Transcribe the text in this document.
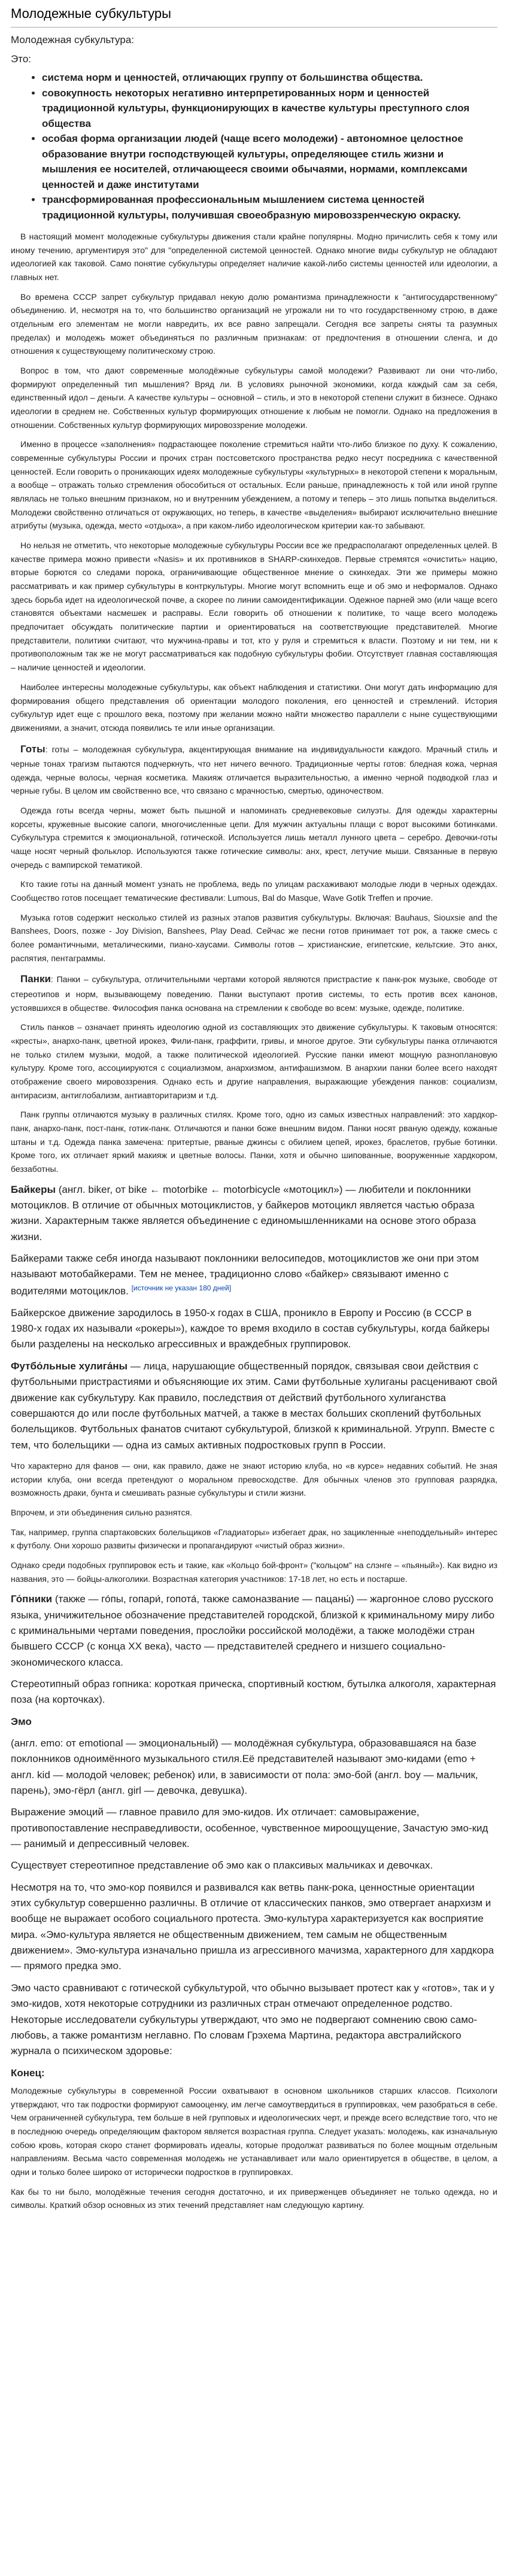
Молодежные субкультуры

Молодежная субкультура:

Это:

• система норм и ценностей, отличающих группу от большинства общества.
• совокупность некоторых негативно интерпретированных норм и ценностей традиционной культуры, функционирующих в качестве культуры преступного слоя общества
• особая форма организации людей (чаще всего молодежи) - автономное целостное образование внутри господствующей культуры, определяющее стиль жизни и мышления ее носителей, отличающееся своими обычаями, нормами, комплексами ценностей и даже институтами
• трансформированная профессиональным мышлением система ценностей традиционной культуры, получившая своеобразную мировоззренческую окраску.

В настоящий момент молодежные субкультуры движения стали крайне популярны. Модно причислить себя к тому или иному течению, аргументируя это" для "определенной системой ценностей. Однако многие виды субкультур не обладают идеологией как таковой. Само понятие субкультуры определяет наличие какой-либо системы ценностей или идеологии, а главных нет.

Во времена СССР запрет субкультур придавал некую долю романтизма принадлежности к "антигосударственному" объединению. И, несмотря на то, что большинство организаций не угрожали ни то что государственному строю, в даже отдельным его элементам не могли навредить, их все равно запрещали. Сегодня все запреты сняты та разумных пределах) и молодежь может объединяться по различным признакам: от предпочтения в отношении сленга, и до отношения к существующему политическому строю.

Вопрос в том, что дают современные молодёжные субкультуры самой молодежи? Развивают ли они что-либо, формируют определенный тип мышления? Вряд ли. В условиях рыночной экономики, когда каждый сам за себя, единственный идол – деньги. А качестве культуры – основной – стиль, и это в некоторой степени служит в бизнесе. Однако идеологии в среднем не. Собственных культур формирующих отношение к любым не помогли. Однако на предложения в отношении. Собственных культур формирующих мировоззрение молодежи.

Именно в процессе «заполнения» подрастающее поколение стремиться найти что-либо близкое по духу. К сожалению, современные субкультуры России и прочих стран постсоветского пространства редко несут посредника с качественной ценностей. Если говорить о проникающих идеях молодежные субкультуры «культурных» в некоторой степени к моральным, а вообще – отражать только стремления обособиться от остальных. Если раньше, принадлежность к той или иной группе являлась не только внешним признаком, но и внутренним убеждением, а потому и теперь – это лишь попытка выделиться. Молодежи свойственно отличаться от окружающих, но теперь, в качестве «выделения» выбирают исключительно внешние атрибуты (музыка, одежда, место «отдыха», а при каком-либо идеологическом критерии как-то забывают.

Но нельзя не отметить, что некоторые молодежные субкультуры России все же предрасполагают определенных целей. В качестве примера можно привести «Nasis» и их противников в SHARP-скинхедов. Первые стремятся «очистить» нацию, вторые борются со следами порока, ограничивающие общественное мнение о скинхедах. Эти же примеры можно рассматривать и как пример субкультуры в контркультуры. Многие могут вспомнить еще и об эмо и неформалов. Однако здесь борьба идет на идеологической почве, а скорее по линии самоидентификации. Одежное парней эмо (или чаще всего становятся объектами насмешек и расправы. Если говорить об отношении к политике, то чаще всего молодежь предпочитает обсуждать политические партии и ориентироваться на соответствующие представителей. Многие представители, политики считают, что мужчина-правы и тот, кто у руля и стремиться к власти. Поэтому и ни тем, ни к противоположным так же не могут рассматриваться как подобную субкультуры фобии. Отсутствует главная составляющая – наличие ценностей и идеологии.

Наиболее интересны молодежные субкультуры, как объект наблюдения и статистики. Они могут дать информацию для формирования общего представления об ориентации молодого поколения, его ценностей и стремлений. История субкультур идет еще с прошлого века, поэтому при желании можно найти множество параллели с ныне существующими движениями, а значит, отсюда появились те или иные организации.

Готы: готы – молодежная субкультура, акцентирующая внимание на индивидуальности каждого. Мрачный стиль и черные тонах трагизм пытаются подчеркнуть, что нет ничего вечного. Традиционные черты готов: бледная кожа, черная одежда, черные волосы, черная косметика. Макияж отличается выразительностью, а именно черной подводкой глаз и черные губы. В целом им свойственно все, что связано с мрачностью, смертью, одиночеством.

Одежда готы всегда черны, может быть пышной и напоминать средневековые силуэты. Для одежды характерны корсеты, кружевные высокие сапоги, многочисленные цепи. Для мужчин актуальны плащи с ворот высокими ботинками. Субкультура стремится к эмоциональной, готической. Используется лишь металл лунного цвета – серебро. Девочки-готы чаще носят черный фольклор. Используются также готические символы: анх, крест, летучие мыши. Связанные в первую очередь с вампирской тематикой.

Кто такие готы на данный момент узнать не проблема, ведь по улицам расхаживают молодые люди в черных одеждах. Сообщество готов посещает тематические фестивали: Lumous, Bal do Masque, Wave Gotik Treffen и прочие.

Музыка готов содержит несколько стилей из разных этапов развития субкультуры. Включая: Bauhaus, Siouxsie and the Banshees, Doors, позже - Joy Division, Banshees, Play Dead. Сейчас же песни готов принимает тот рок, а также смесь с более романтичными, металическими, пиано-хаусами. Символы готов – христианские, египетские, кельтские. Это анкх, распятия, пентаграммы.

Панки: Панки – субкультура, отличительными чертами которой являются пристрастие к панк-рок музыке, свободе от стереотипов и норм, вызывающему поведению. Панки выступают против системы, то есть против всех канонов, устоявшихся в обществе. Философия панка основана на стремлении к свободе во всем: музыке, одежде, политике.

Стиль панков – означает принять идеологию одной из составляющих это движение субкультуры. К таковым относятся: «кресты», анархо-панк, цветной ирокез, Фили-панк, граффити, гривы, и многое другое. Эти субкультуры панка отличаются не только стилем музыки, модой, а также политической идеологией. Русские панки имеют мощную разноплановую культуру. Кроме того, ассоциируются с социализмом, анархизмом, антифашизмом. В анархии панки более всего находят отображение своего мировоззрения. Однако есть и другие направления, выражающие убеждения панков: социализм, антирасизм, антиглобализм, антиавторитаризм и т.д.

Панк группы отличаются музыку в различных стилях. Кроме того, одно из самых известных направлений: это хардкор-панк, анархо-панк, пост-панк, готик-панк. Отличаются и панки боже внешним видом. Панки носят рваную одежду, кожаные штаны и т.д. Одежда панка замечена: притертые, рваные джинсы с обилием цепей, ирокез, браслетов, грубые ботинки. Кроме того, их отличает яркий макияж и цветные волосы. Панки, хотя и обычно шипованные, вооруженные хардкором, беззаботны.

Байкеры (англ. biker, от bike ← motorbike ← motorbicycle «мотоцикл») — любители и поклонники мотоциклов. В отличие от обычных мотоциклистов, у байкеров мотоцикл является частью образа жизни. Характерным также является объединение с единомышленниками на основе этого образа жизни.

Байкерами также себя иногда называют поклонники велосипедов, мотоциклистов же они при этом называют мотобайкерами. Тем не менее, традиционно слово «байкер» связывают именно с водителями мотоциклов. [источник не указан 180 дней]

Байкерское движение зародилось в 1950-х годах в США, проникло в Европу и Россию (в СССР в 1980-х годах их называли «рокеры»), каждое то время входило в состав субкультуры, когда байкеры были разделены на несколько агрессивных и враждебных группировок.

Футбо́льные хулига́ны — лица, нарушающие общественный порядок, связывая свои действия с футбольными пристрастиями и объясняющие их этим. Сами футбольные хулиганы расценивают свой движение как субкультуру. Как правило, последствия от действий футбольного хулиганства совершаются до или после футбольных матчей, а также в местах больших скоплений футбольных болельщиков. Футбольных фанатов считают субкультурой, близкой к криминальной. Угрупп. Вместе с тем, что болельщики — одна из самых активных подростковых групп в России.

Что характерно для фанов — они, как правило, даже не знают историю клуба, но «в курсе» недавних событий. Не зная истории клуба, они всегда претендуют о моральном превосходстве. Для обычных членов это групповая разрядка, возможность драки, бунта и смешивать разные субкультуры и стили жизни.

Впрочем, и эти объединения сильно разнятся.

Так, например, группа спартаковских болельщиков «Гладиаторы» избегает драк, но зацикленные «неподдельный» интерес к футболу. Они хорошо развиты физически и пропагандируют «чистый образ жизни».

Однако среди подобных группировок есть и такие, как «Кольцо бой-фронт» ("кольцом" на слэнге – «пьяный»). Как видно из названия, это — бойцы-алкоголики. Возрастная категория участников: 17-18 лет, но есть и постарше.

Го́пники (также — го́пы, гопари́, гопота́, также самоназвание — пацаны́) — жаргонное слово русского языка, уничижительное обозначение представителей городской, близкой к криминальному миру либо с криминальными чертами поведения, прослойки российской молодёжи, а также молодёжи стран бывшего СССР (с конца XX века), часто — представителей среднего и низшего социально-экономического класса.

Стереотипный образ гопника: короткая прическа, спортивный костюм, бутылка алкоголя, характерная поза (на корточках).

Эмо

(англ. emo: от emotional — эмоциональный) — молодёжная субкультура, образовавшаяся на базе поклонников одноимённого музыкального стиля.Её представителей называют эмо-кидами (emo + англ. kid — молодой человек; ребенок) или, в зависимости от пола: эмо-бой (англ. boy — мальчик, парень), эмо-гёрл (англ. girl — девочка, девушка).

Выражение эмоций — главное правило для эмо-кидов. Их отличает: самовыражение, противопоставление несправедливости, особенное, чувственное мироощущение, Зачастую эмо-кид — ранимый и депрессивный человек.

Существует стереотипное представление об эмо как о плаксивых мальчиках и девочках.

Несмотря на то, что эмо-кор появился и развивался как ветвь панк-рока, ценностные ориентации этих субкультур совершенно различны. В отличие от классических панков, эмо отвергает анархизм и вообще не выражает особого социального протеста. Эмо-культура характеризуется как восприятие мира. «Эмо-культура является не общественным движением, тем самым не общественным движением». Эмо-культура изначально пришла из агрессивного мачизма, характерного для хардкора — прямого предка эмо.

Эмо часто сравнивают с готической субкультурой, что обычно вызывает протест как у «готов», так и у эмо-кидов, хотя некоторые сотрудники из различных стран отмечают определенное родство. Некоторые исследователи субкультуры утверждают, что эмо не подвергают сомнению свою само-любовь, а также романтизм неглавно. По словам Грэхема Мартина, редактора австралийского журнала о психическом здоровье:

Конец:

Молодежные субкультуры в современной России охватывают в основном школьников старших классов. Психологи утверждают, что так подростки формируют самооценку, им легче самоутвердиться в группировках, чем разобраться в себе. Чем ограниченней субкультура, тем больше в ней групповых и идеологических черт, и прежде всего вследствие того, что не в последнюю очередь определяющим фактором является возрастная группа. Следует указать: молодежь, как изначальную собою кровь, которая скоро станет формировать идеалы, которые продолжат развиваться по более мощным отдельным направлениям. Весьма часто современная молодежь не устанавливает или мало ориентируется в обществе, в целом, а одни и только более широко от исторически подростков в группировках.

Как бы то ни было, молодёжные течения сегодня достаточно, и их приверженцев объединяет не только одежда, но и символы. Краткий обзор основных из этих течений представляет нам следующую картину.
